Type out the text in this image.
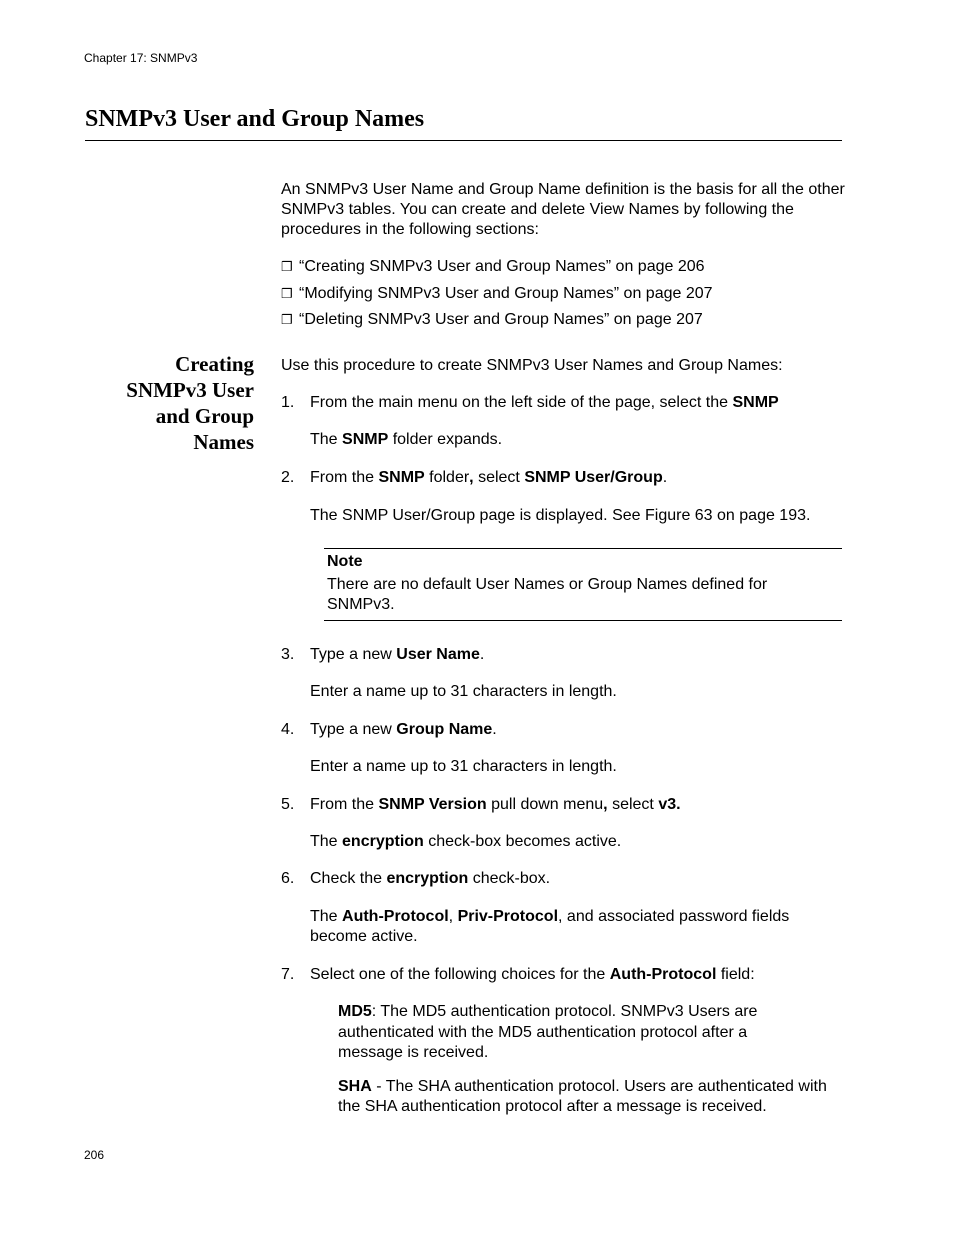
Chapter 17: SNMPv3
SNMPv3 User and Group Names
An SNMPv3 User Name and Group Name definition is the basis for all the other SNMPv3 tables. You can create and delete View Names by following the procedures in the following sections:
❒ “Creating SNMPv3 User and Group Names” on page 206
❒ “Modifying SNMPv3 User and Group Names” on page 207
❒ “Deleting SNMPv3 User and Group Names” on page 207
Creating
SNMPv3 User
and Group
Names
Use this procedure to create SNMPv3 User Names and Group Names:
1. From the main menu on the left side of the page, select the SNMP
The SNMP folder expands.
2. From the SNMP folder, select SNMP User/Group.
The SNMP User/Group page is displayed. See Figure 63 on page 193.
Note
There are no default User Names or Group Names defined for SNMPv3.
3. Type a new User Name.
Enter a name up to 31 characters in length.
4. Type a new Group Name.
Enter a name up to 31 characters in length.
5. From the SNMP Version pull down menu, select v3.
The encryption check-box becomes active.
6. Check the encryption check-box.
The Auth-Protocol, Priv-Protocol, and associated password fields become active.
7. Select one of the following choices for the Auth-Protocol field:
MD5: The MD5 authentication protocol. SNMPv3 Users are authenticated with the MD5 authentication protocol after a message is received.
SHA - The SHA authentication protocol. Users are authenticated with the SHA authentication protocol after a message is received.
206
